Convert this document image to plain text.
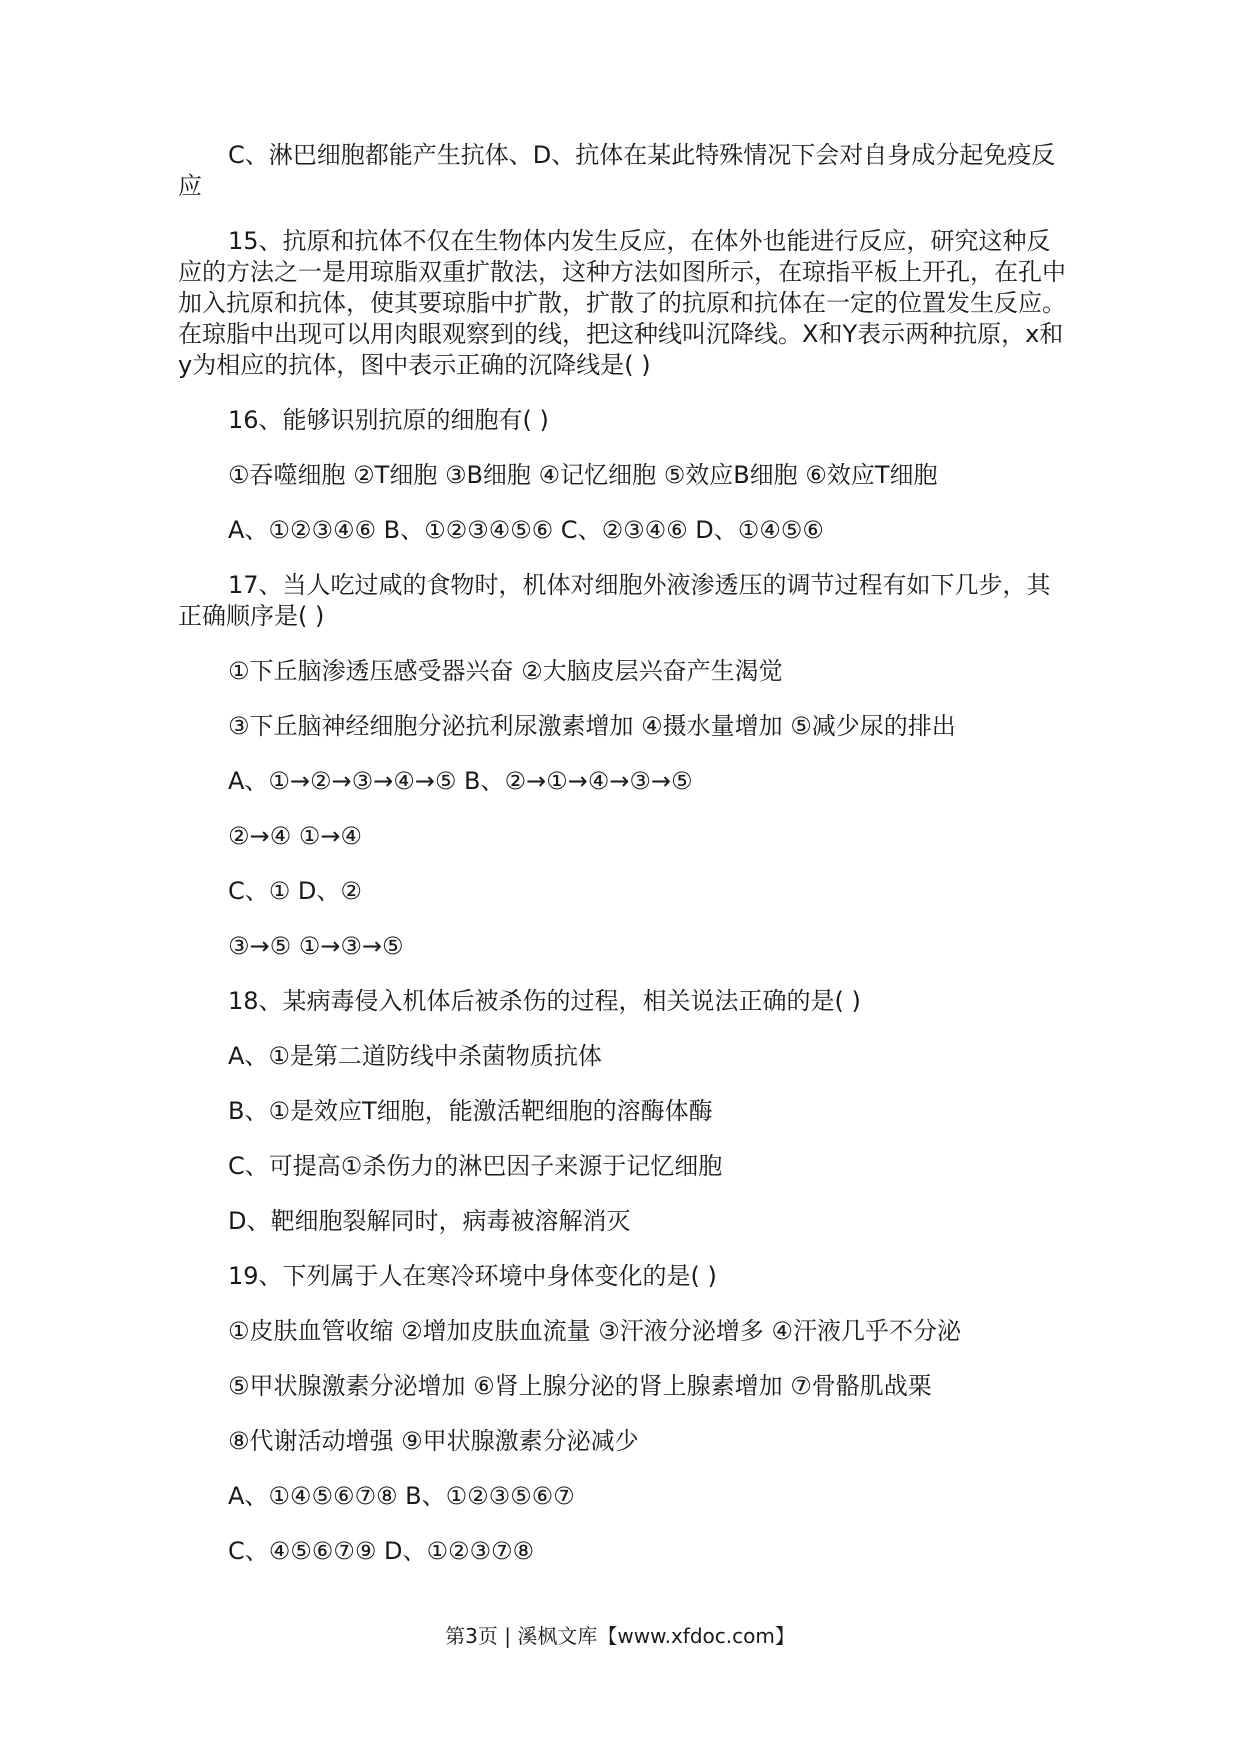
C、淋巴细胞都能产生抗体、D、抗体在某此特殊情况下会对自身成分起免疫反应

15、抗原和抗体不仅在生物体内发生反应，在体外也能进行反应，研究这种反应的方法之一是用琼脂双重扩散法，这种方法如图所示，在琼指平板上开孔，在孔中加入抗原和抗体，使其要琼脂中扩散，扩散了的抗原和抗体在一定的位置发生反应。在琼脂中出现可以用肉眼观察到的线，把这种线叫沉降线。X和Y表示两种抗原，x和y为相应的抗体，图中表示正确的沉降线是( )

16、能够识别抗原的细胞有( )

①吞噬细胞 ②T细胞 ③B细胞 ④记忆细胞 ⑤效应B细胞 ⑥效应T细胞

A、①②③④⑥ B、①②③④⑤⑥ C、②③④⑥ D、①④⑤⑥

17、当人吃过咸的食物时，机体对细胞外液渗透压的调节过程有如下几步，其正确顺序是( )

①下丘脑渗透压感受器兴奋 ②大脑皮层兴奋产生渴觉

③下丘脑神经细胞分泌抗利尿激素增加 ④摄水量增加 ⑤减少尿的排出

A、①→②→③→④→⑤ B、②→①→④→③→⑤

②→④ ①→④

C、① D、②

③→⑤ ①→③→⑤

18、某病毒侵入机体后被杀伤的过程，相关说法正确的是( )

A、①是第二道防线中杀菌物质抗体

B、①是效应T细胞，能激活靶细胞的溶酶体酶

C、可提高①杀伤力的淋巴因子来源于记忆细胞

D、靶细胞裂解同时，病毒被溶解消灭

19、下列属于人在寒冷环境中身体变化的是( )

①皮肤血管收缩 ②增加皮肤血流量 ③汗液分泌增多 ④汗液几乎不分泌

⑤甲状腺激素分泌增加 ⑥肾上腺分泌的肾上腺素增加 ⑦骨骼肌战栗

⑧代谢活动增强 ⑨甲状腺激素分泌减少

A、①④⑤⑥⑦⑧ B、①②③⑤⑥⑦

C、④⑤⑥⑦⑨ D、①②③⑦⑧

第3页 | 溪枫文库【www.xfdoc.com】
